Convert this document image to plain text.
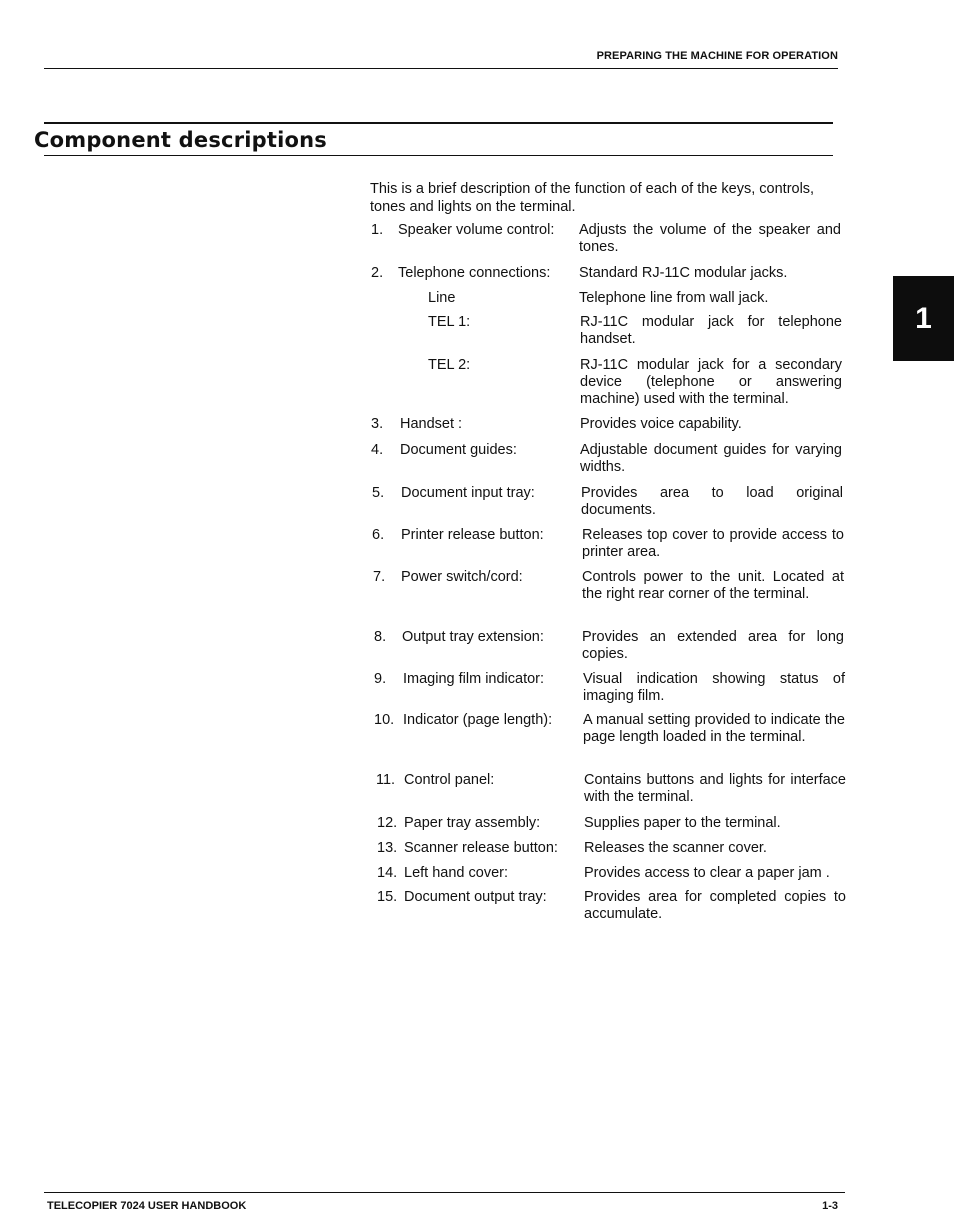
PREPARING THE MACHINE FOR OPERATION
Component descriptions
1
This is a brief description of the function of each of the keys, controls, tones and lights on the terminal.
1. Speaker volume control: Adjusts the volume of the speaker and tones.
2. Telephone connections: Standard RJ-11C modular jacks.
Line	Telephone line from wall jack.
TEL 1:	RJ-11C modular jack for telephone handset.
TEL 2:	RJ-11C modular jack for a secondary device (telephone or answering machine) used with the terminal.
3. Handset :	Provides voice capability.
4. Document guides:	Adjustable document guides for varying widths.
5. Document input tray:	Provides area to load original documents.
6. Printer release button:	Releases top cover to provide access to printer area.
7. Power switch/cord:	Controls power to the unit. Located at the right rear corner of the terminal.
8. Output tray extension:	Provides an extended area for long copies.
9. Imaging film indicator:	Visual indication showing status of imaging film.
10. Indicator (page length): A manual setting provided to indicate the page length loaded in the terminal.
11. Control panel:	Contains buttons and lights for interface with the terminal.
12. Paper tray assembly:	Supplies paper to the terminal.
13. Scanner release button: Releases the scanner cover.
14. Left hand cover:	Provides access to clear a paper jam .
15. Document output tray:	Provides area for completed copies to accumulate.
TELECOPIER 7024 USER HANDBOOK	1-3
